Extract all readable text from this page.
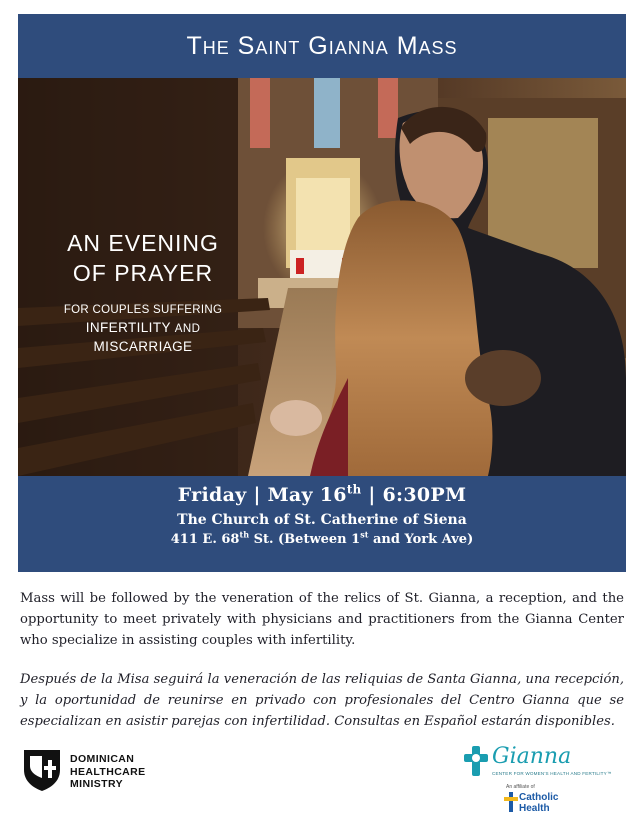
The Saint Gianna Mass
AN EVENING
OF PRAYER
FOR COUPLES SUFFERING
INFERTILITY AND
MISCARRIAGE
Friday | May 16th | 6:30PM
The Church of St. Catherine of Siena
411 E. 68th St. (Between 1st and York Ave)

Mass will be followed by the veneration of the relics of St. Gianna, a reception, and the opportunity to meet privately with physicians and practitioners from the Gianna Center who specialize in assisting couples with infertility.

Después de la Misa seguirá la veneración de las reliquias de Santa Gianna, una recepción, y la oportunidad de reunirse en privado con profesionales del Centro Gianna que se especializan en asistir parejas con infertilidad. Consultas en Español estarán disponibles.

DOMINICAN
HEALTHCARE
MINISTRY
Gianna
CENTER FOR WOMEN'S HEALTH AND FERTILITY™
An affiliate of
Catholic
Health
